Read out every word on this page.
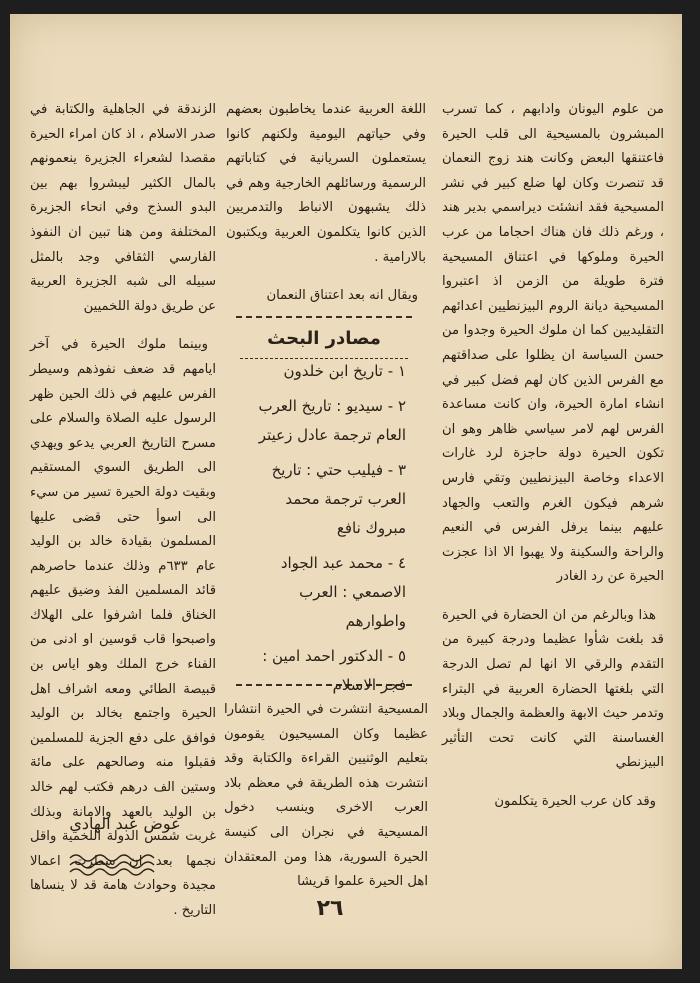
من علوم اليونان وادابهم ، كما تسرب المبشرون بالمسيحية الى قلب الحيرة فاعتنقها البعض وكانت هند زوج النعمان قد تنصرت وكان لها ضلع كبير في نشر المسيحية فقد انشئت ديراسمي بدير هند ، ورغم ذلك فان هناك احجاما من عرب الحيرة وملوكها في اعتناق المسيحية فترة طويلة من الزمن اذ اعتبروا المسيحية ديانة الروم البيزنطيين اعدائهم التقليديين كما ان ملوك الحيرة وجدوا من حسن السياسة ان يظلوا على صداقتهم مع الفرس الذين كان لهم فضل كبير في انشاء امارة الحيرة، وان كانت مساعدة الفرس لهم لامر سياسي ظاهر وهو ان تكون الحيرة دولة حاجزة لرد غارات الاعداء وخاصة البيزنطيين وتقي فارس شرهم فيكون الغرم والتعب والجهاد عليهم بينما يرفل الفرس في النعيم والراحة والسكينة ولا يهبوا الا اذا عجزت الحيرة عن رد الغادر

هذا وبالرغم من ان الحضارة في الحيرة قد بلغت شأوا عظيما ودرجة كبيرة من التقدم والرقي الا انها لم تصل الدرجة التي بلغتها الحضارة العربية في البتراء وتدمر حيث الابهة والعظمة والجمال وبلاد الغساسنة التي كانت تحت التأثير البيزنطي

وقد كان عرب الحيرة يتكلمون

اللغة العربية عندما يخاطبون بعضهم وفي حياتهم اليومية ولكنهم كانوا يستعملون السريانية في كتاباتهم الرسمية ورسائلهم الخارجية وهم في ذلك يشبهون الانباط والتدمريين الذين كانوا يتكلمون العربية ويكتبون بالارامية .

ويقال انه بعد اعتناق النعمان

مصادر البحث
١ - تاريخ ابن خلدون
٢ - سيديو : تاريخ العرب العام ترجمة عادل زعيتر
٣ - فيليب حتي : تاريخ العرب ترجمة محمد مبروك نافع
٤ - محمد عبد الجواد الاصمعي : العرب واطوارهم
٥ - الدكتور احمد امين : فجر الاسلام

المسيحية انتشرت في الحيرة انتشارا عظيما وكان المسيحيون يقومون بتعليم الوثنيين القراءة والكتابة وقد انتشرت هذه الطريقة في معظم بلاد العرب الاخرى وينسب دخول المسيحية في نجران الى كنيسة الحيرة السورية، هذا ومن المعتقدان اهل الحيرة علموا قريشا

الزندقة في الجاهلية والكتابة في صدر الاسلام ، اذ كان امراء الحيرة مقصدا لشعراء الجزيرة ينعمونهم بالمال الكثير ليبشروا بهم بين البدو السذج وفي انحاء الجزيرة المختلفة ومن هنا تبين ان النفوذ الفارسي الثقافي وجد بالمثل سبيله الى شبه الجزيرة العربية عن طريق دولة اللخميين

وبينما ملوك الحيرة في آخر ايامهم قد ضعف نفوذهم وسيطر الفرس عليهم في ذلك الحين ظهر الرسول عليه الصلاة والسلام على مسرح التاريخ العربي يدعو ويهدي الى الطريق السوي المستقيم وبقيت دولة الحيرة تسير من سيء الى اسوأ حتى قضى عليها المسلمون بقيادة خالد بن الوليد عام ٦٣٣م وذلك عندما حاصرهم قائد المسلمين الفذ وضيق عليهم الخناق فلما اشرفوا على الهلاك واصبحوا قاب قوسين او ادنى من الفناء خرج الملك وهو اياس بن قبيصة الطائي ومعه اشراف اهل الحيرة واجتمع بخالد بن الوليد فوافق على دفع الجزية للمسلمين فقبلوا منه وصالحهم على مائة وستين الف درهم فكتب لهم خالد بن الوليد بالعهد والامانة وبذلك غربت شمس الدولة اللخمية واقل نجمها بعد ان سطرت اعمالا مجيدة وحوادث هامة قد لا ينساها التاريخ .

عوض عبد الهادي
٢٦
